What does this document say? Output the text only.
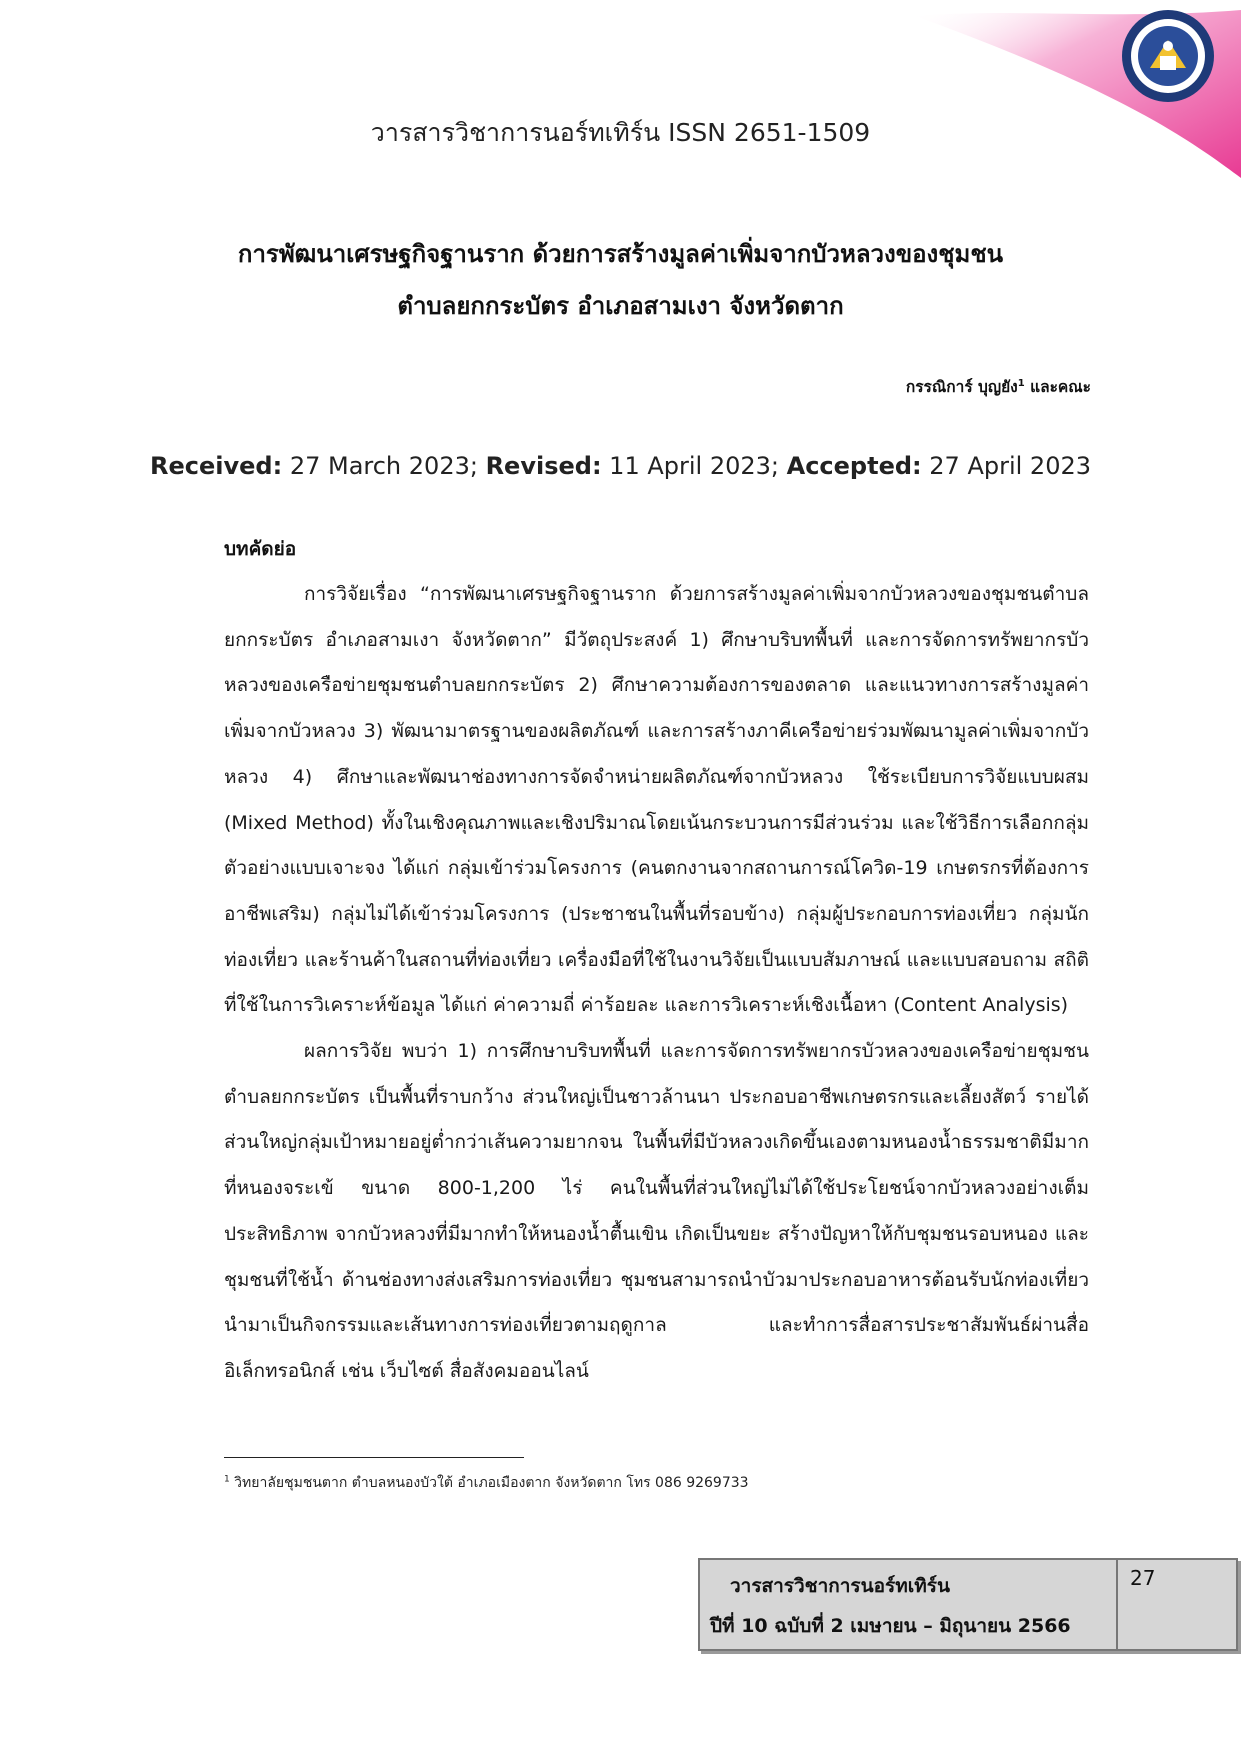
วารสารวิชาการนอร์ทเทิร์น ISSN 2651-1509
การพัฒนาเศรษฐกิจฐานราก ด้วยการสร้างมูลค่าเพิ่มจากบัวหลวงของชุมชน
ตำบลยกกระบัตร อำเภอสามเงา จังหวัดตาก
กรรณิการ์ บุญยัง$^1$ และคณะ
Received: 27 March 2023; Revised: 11 April 2023; Accepted: 27 April 2023
บทคัดย่อ

การวิจัยเรื่อง “การพัฒนาเศรษฐกิจฐานราก ด้วยการสร้างมูลค่าเพิ่มจากบัวหลวงของชุมชนตำบลยกกระบัตร อำเภอสามเงา จังหวัดตาก” มีวัตถุประสงค์ 1) ศึกษาบริบทพื้นที่ และการจัดการทรัพยากรบัวหลวงของเครือข่ายชุมชนตำบลยกกระบัตร 2) ศึกษาความต้องการของตลาด และแนวทางการสร้างมูลค่าเพิ่มจากบัวหลวง 3) พัฒนามาตรฐานของผลิตภัณฑ์ และการสร้างภาคีเครือข่ายร่วมพัฒนามูลค่าเพิ่มจากบัวหลวง 4) ศึกษาและพัฒนาช่องทางการจัดจำหน่ายผลิตภัณฑ์จากบัวหลวง ใช้ระเบียบการวิจัยแบบผสม (Mixed Method) ทั้งในเชิงคุณภาพและเชิงปริมาณโดยเน้นกระบวนการมีส่วนร่วม และใช้วิธีการเลือกกลุ่มตัวอย่างแบบเจาะจง ได้แก่ กลุ่มเข้าร่วมโครงการ (คนตกงานจากสถานการณ์โควิด-19 เกษตรกรที่ต้องการอาชีพเสริม) กลุ่มไม่ได้เข้าร่วมโครงการ (ประชาชนในพื้นที่รอบข้าง) กลุ่มผู้ประกอบการท่องเที่ยว กลุ่มนักท่องเที่ยว และร้านค้าในสถานที่ท่องเที่ยว เครื่องมือที่ใช้ในงานวิจัยเป็นแบบสัมภาษณ์ และแบบสอบถาม สถิติที่ใช้ในการวิเคราะห์ข้อมูล ได้แก่ ค่าความถี่ ค่าร้อยละ และการวิเคราะห์เชิงเนื้อหา (Content Analysis)

ผลการวิจัย พบว่า 1) การศึกษาบริบทพื้นที่ และการจัดการทรัพยากรบัวหลวงของเครือข่ายชุมชนตำบลยกกระบัตร เป็นพื้นที่ราบกว้าง ส่วนใหญ่เป็นชาวล้านนา ประกอบอาชีพเกษตรกรและเลี้ยงสัตว์ รายได้ส่วนใหญ่กลุ่มเป้าหมายอยู่ต่ำกว่าเส้นความยากจน ในพื้นที่มีบัวหลวงเกิดขึ้นเองตามหนองน้ำธรรมชาติมีมากที่หนองจระเข้ ขนาด 800-1,200 ไร่ คนในพื้นที่ส่วนใหญ่ไม่ได้ใช้ประโยชน์จากบัวหลวงอย่างเต็มประสิทธิภาพ จากบัวหลวงที่มีมากทำให้หนองน้ำตื้นเขิน เกิดเป็นขยะ สร้างปัญหาให้กับชุมชนรอบหนอง และชุมชนที่ใช้น้ำ ด้านช่องทางส่งเสริมการท่องเที่ยว ชุมชนสามารถนำบัวมาประกอบอาหารต้อนรับนักท่องเที่ยว นำมาเป็นกิจกรรมและเส้นทางการท่องเที่ยวตามฤดูกาล และทำการสื่อสารประชาสัมพันธ์ผ่านสื่ออิเล็กทรอนิกส์ เช่น เว็บไซต์ สื่อสังคมออนไลน์

$^1$ วิทยาลัยชุมชนตาก ตำบลหนองบัวใต้ อำเภอเมืองตาก จังหวัดตาก โทร 086 9269733
วารสารวิชาการนอร์ทเทิร์น
ปีที่ 10 ฉบับที่ 2 เมษายน – มิถุนายน 2566
27
